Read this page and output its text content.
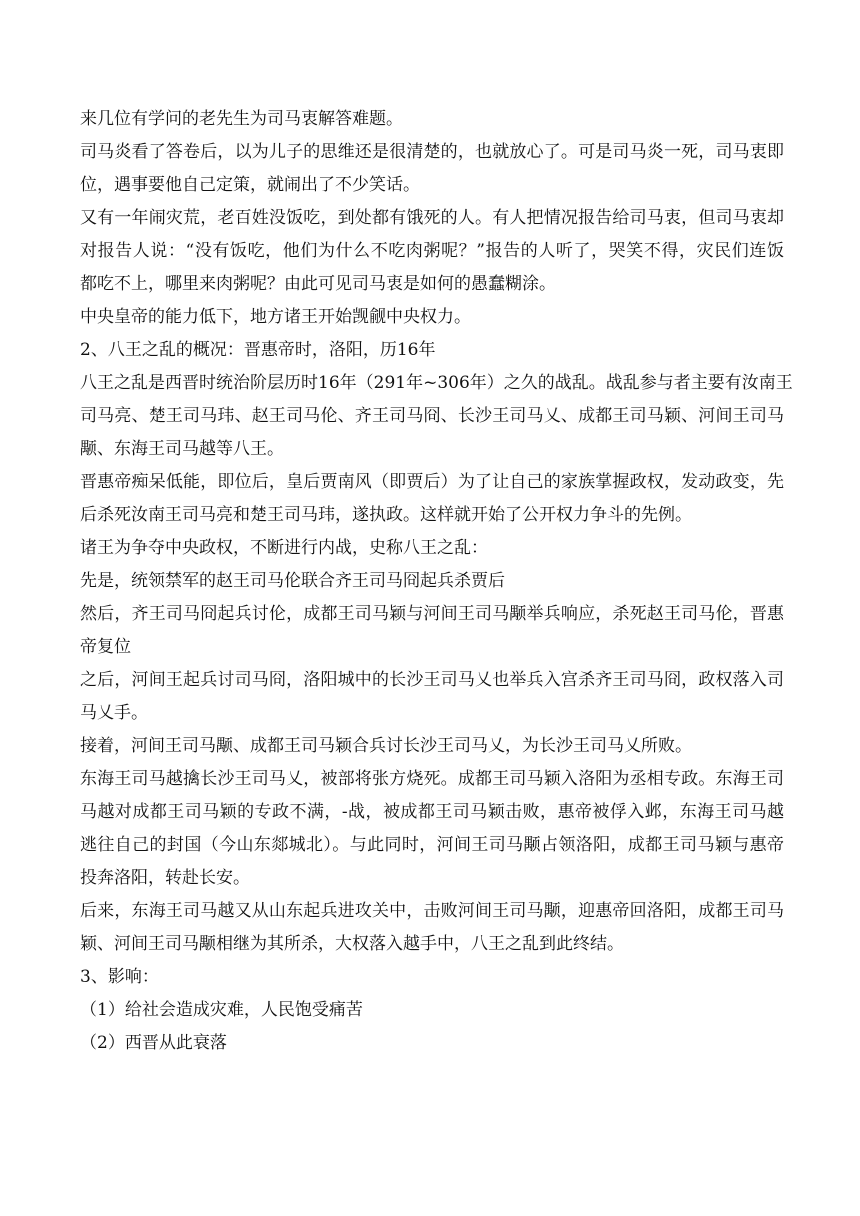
来几位有学问的老先生为司马衷解答难题。
司马炎看了答卷后，以为儿子的思维还是很清楚的，也就放心了。可是司马炎一死，司马衷即
位，遇事要他自己定策，就闹出了不少笑话。
又有一年闹灾荒，老百姓没饭吃，到处都有饿死的人。有人把情况报告给司马衷，但司马衷却
对报告人说：“没有饭吃，他们为什么不吃肉粥呢？”报告的人听了，哭笑不得，灾民们连饭
都吃不上，哪里来肉粥呢？由此可见司马衷是如何的愚蠢糊涂。
中央皇帝的能力低下，地方诸王开始觊觎中央权力。
2、八王之乱的概况：晋惠帝时，洛阳，历16年
八王之乱是西晋时统治阶层历时16年（291年~306年）之久的战乱。战乱参与者主要有汝南王
司马亮、楚王司马玮、赵王司马伦、齐王司马冏、长沙王司马乂、成都王司马颖、河间王司马
颙、东海王司马越等八王。
晋惠帝痴呆低能，即位后，皇后贾南风（即贾后）为了让自己的家族掌握政权，发动政变，先
后杀死汝南王司马亮和楚王司马玮，遂执政。这样就开始了公开权力争斗的先例。
诸王为争夺中央政权，不断进行内战，史称八王之乱：
先是，统领禁军的赵王司马伦联合齐王司马冏起兵杀贾后
然后，齐王司马冏起兵讨伦，成都王司马颖与河间王司马颙举兵响应，杀死赵王司马伦，晋惠
帝复位
之后，河间王起兵讨司马冏，洛阳城中的长沙王司马乂也举兵入宫杀齐王司马冏，政权落入司
马乂手。
接着，河间王司马颙、成都王司马颖合兵讨长沙王司马乂，为长沙王司马乂所败。
东海王司马越擒长沙王司马乂，被部将张方烧死。成都王司马颖入洛阳为丞相专政。东海王司
马越对成都王司马颖的专政不满，-战，被成都王司马颖击败，惠帝被俘入邺，东海王司马越
逃往自己的封国（今山东郯城北）。与此同时，河间王司马颙占领洛阳，成都王司马颖与惠帝
投奔洛阳，转赴长安。
后来，东海王司马越又从山东起兵进攻关中，击败河间王司马颙，迎惠帝回洛阳，成都王司马
颖、河间王司马颙相继为其所杀，大权落入越手中，八王之乱到此终结。
3、影响：
（1）给社会造成灾难，人民饱受痛苦
（2）西晋从此衰落
